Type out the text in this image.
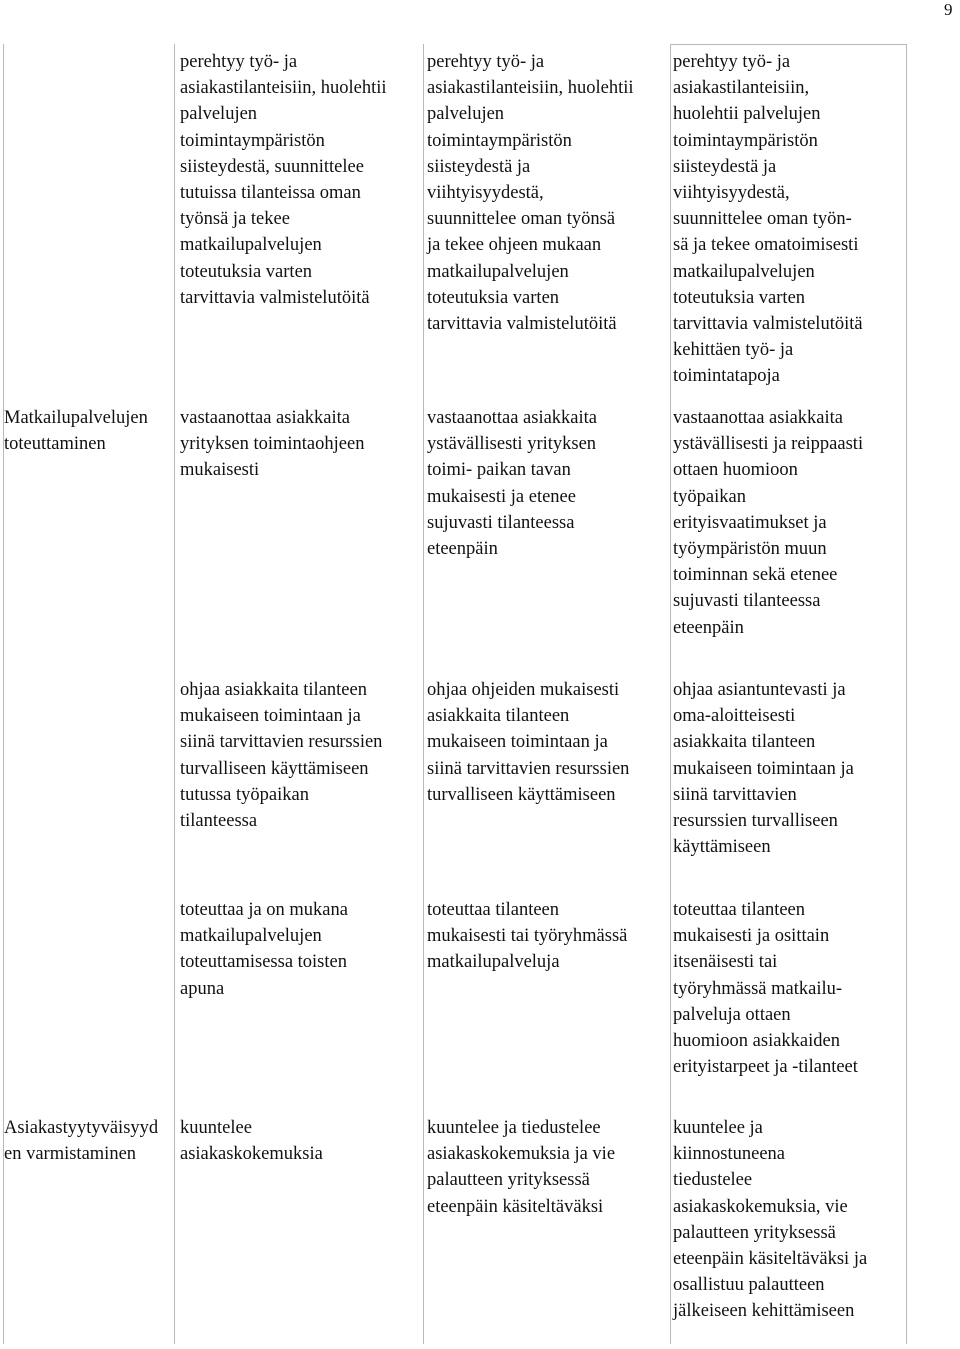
9
perehtyy työ- ja
asiakastilanteisiin, huolehtii
palvelujen
toimintaympäristön
siisteydestä, suunnittelee
tutuissa tilanteissa oman
työnsä ja tekee
matkailupalvelujen
toteutuksia varten
tarvittavia valmistelutöitä
perehtyy työ- ja
asiakastilanteisiin, huolehtii
palvelujen
toimintaympäristön
siisteydestä ja
viihtyisyydestä,
suunnittelee oman työnsä
ja tekee ohjeen mukaan
matkailupalvelujen
toteutuksia varten
tarvittavia valmistelutöitä
perehtyy työ- ja
asiakastilanteisiin,
huolehtii palvelujen
toimintaympäristön
siisteydestä ja
viihtyisyydestä,
suunnittelee oman työn-
sä ja tekee omatoimisesti
matkailupalvelujen
toteutuksia varten
tarvittavia valmistelutöitä
kehittäen työ- ja
toimintatapoja
Matkailupalvelujen
toteuttaminen
vastaanottaa asiakkaita
yrityksen toimintaohjeen
mukaisesti
vastaanottaa asiakkaita
ystävällisesti yrityksen
toimi- paikan tavan
mukaisesti ja etenee
sujuvasti tilanteessa
eteenpäin
vastaanottaa asiakkaita
ystävällisesti ja reippaasti
ottaen huomioon
työpaikan
erityisvaatimukset ja
työympäristön muun
toiminnan sekä etenee
sujuvasti tilanteessa
eteenpäin
ohjaa asiakkaita tilanteen
mukaiseen toimintaan ja
siinä tarvittavien resurssien
turvalliseen käyttämiseen
tutussa työpaikan
tilanteessa
ohjaa ohjeiden mukaisesti
asiakkaita tilanteen
mukaiseen toimintaan ja
siinä tarvittavien resurssien
turvalliseen käyttämiseen
ohjaa asiantuntevasti ja
oma-aloitteisesti
asiakkaita tilanteen
mukaiseen toimintaan ja
siinä tarvittavien
resurssien turvalliseen
käyttämiseen
toteuttaa ja on mukana
matkailupalvelujen
toteuttamisessa toisten
apuna
toteuttaa tilanteen
mukaisesti tai työryhmässä
matkailupalveluja
toteuttaa tilanteen
mukaisesti ja osittain
itsenäisesti tai
työryhmässä matkailu-
palveluja ottaen
huomioon asiakkaiden
erityistarpeet ja -tilanteet
Asiakastyytyväisyyd
en varmistaminen
kuuntelee
asiakaskokemuksia
kuuntelee ja tiedustelee
asiakaskokemuksia ja vie
palautteen yrityksessä
eteenpäin käsiteltäväksi
kuuntelee ja
kiinnostuneena
tiedustelee
asiakaskokemuksia, vie
palautteen yrityksessä
eteenpäin käsiteltäväksi ja
osallistuu palautteen
jälkeiseen kehittämiseen
